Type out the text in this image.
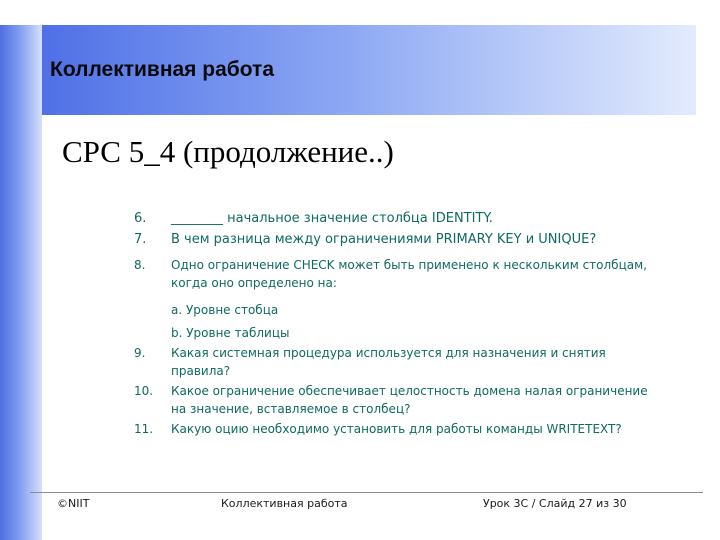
Коллективная работа
СРС 5_4 (продолжение..)
6.	________ начальное значение столбца IDENTITY.
7.	В чем разница между ограничениями PRIMARY KEY и UNIQUE?
8.	Одно ограничение CHECK может быть применено к нескольким столбцам, когда оно определено на:
a. Уровне стобца
b. Уровне таблицы
9.	Какая системная процедура используется для назначения и снятия правила?
10.	Какое ограничение обеспечивает целостность домена налая ограничение на значение, вставляемое в столбец?
11.	Какую оцию необходимо установить для работы команды WRITETEXT?

©NIIT	Коллективная работа	Урок 3С / Слайд 27 из 30
